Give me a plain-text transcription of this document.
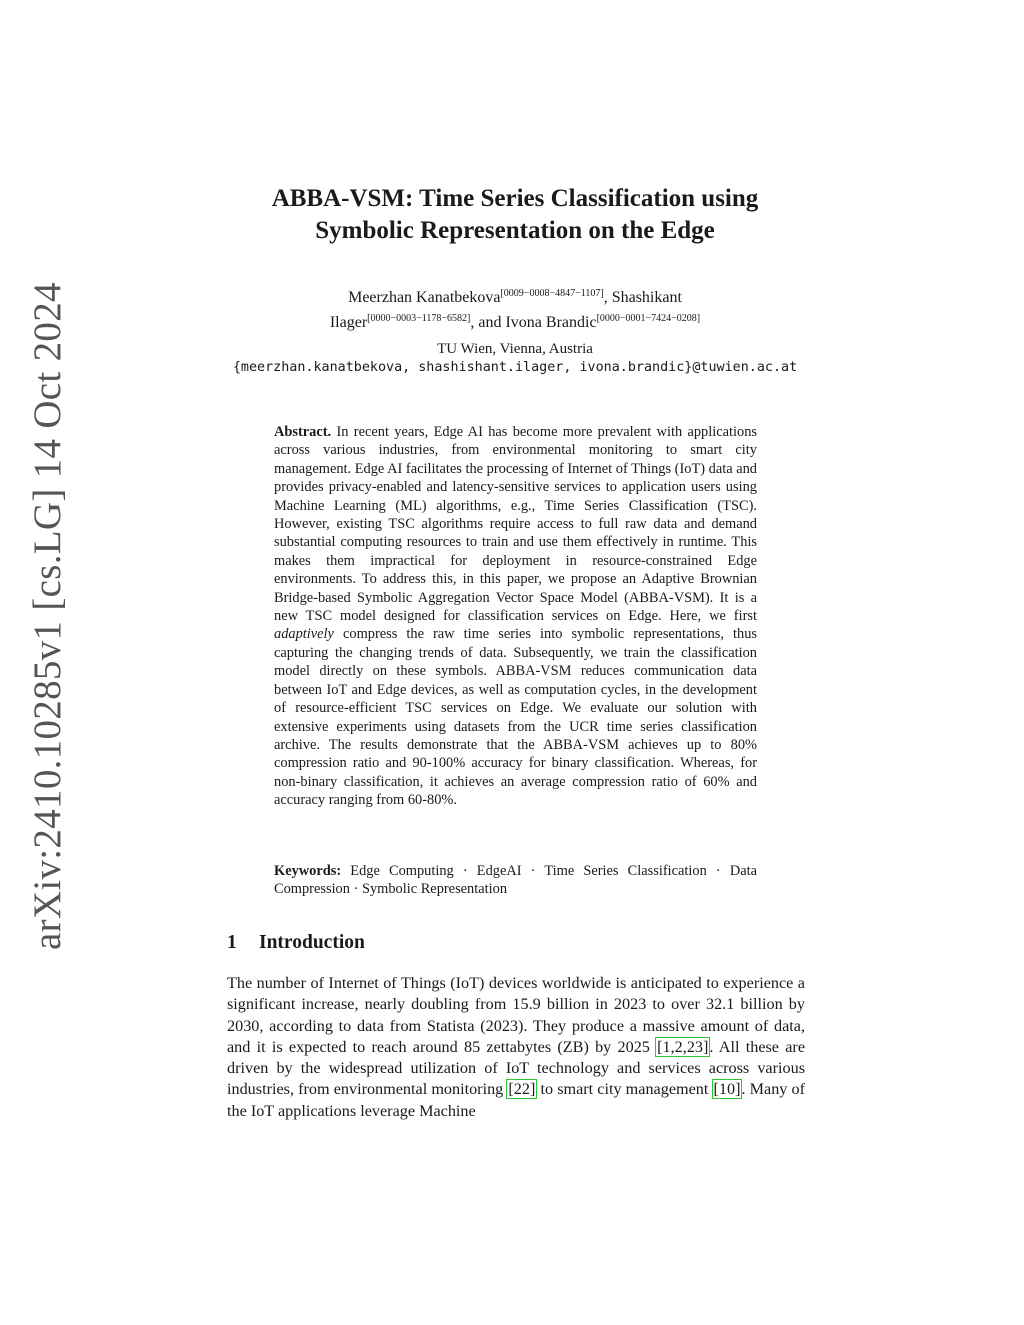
arXiv:2410.10285v1 [cs.LG] 14 Oct 2024
ABBA-VSM: Time Series Classification using
Symbolic Representation on the Edge
Meerzhan Kanatbekova[0009−0008−4847−1107], Shashikant
Ilager[0000−0003−1178−6582], and Ivona Brandic[0000−0001−7424−0208]
TU Wien, Vienna, Austria
{meerzhan.kanatbekova, shashishant.ilager, ivona.brandic}@tuwien.ac.at
Abstract. In recent years, Edge AI has become more prevalent with applications across various industries, from environmental monitoring to smart city management. Edge AI facilitates the processing of Internet of Things (IoT) data and provides privacy-enabled and latency-sensitive services to application users using Machine Learning (ML) algorithms, e.g., Time Series Classification (TSC). However, existing TSC algorithms require access to full raw data and demand substantial computing resources to train and use them effectively in runtime. This makes them impractical for deployment in resource-constrained Edge environments. To address this, in this paper, we propose an Adaptive Brownian Bridge-based Symbolic Aggregation Vector Space Model (ABBA-VSM). It is a new TSC model designed for classification services on Edge. Here, we first adaptively compress the raw time series into symbolic representations, thus capturing the changing trends of data. Subsequently, we train the classification model directly on these symbols. ABBA-VSM reduces communication data between IoT and Edge devices, as well as computation cycles, in the development of resource-efficient TSC services on Edge. We evaluate our solution with extensive experiments using datasets from the UCR time series classification archive. The results demonstrate that the ABBA-VSM achieves up to 80% compression ratio and 90-100% accuracy for binary classification. Whereas, for non-binary classification, it achieves an average compression ratio of 60% and accuracy ranging from 60-80%.
Keywords: Edge Computing · EdgeAI · Time Series Classification · Data Compression · Symbolic Representation
1 Introduction
The number of Internet of Things (IoT) devices worldwide is anticipated to experience a significant increase, nearly doubling from 15.9 billion in 2023 to over 32.1 billion by 2030, according to data from Statista (2023). They produce a massive amount of data, and it is expected to reach around 85 zettabytes (ZB) by 2025 [1,2,23]. All these are driven by the widespread utilization of IoT technology and services across various industries, from environmental monitoring [22] to smart city management [10]. Many of the IoT applications leverage Machine
